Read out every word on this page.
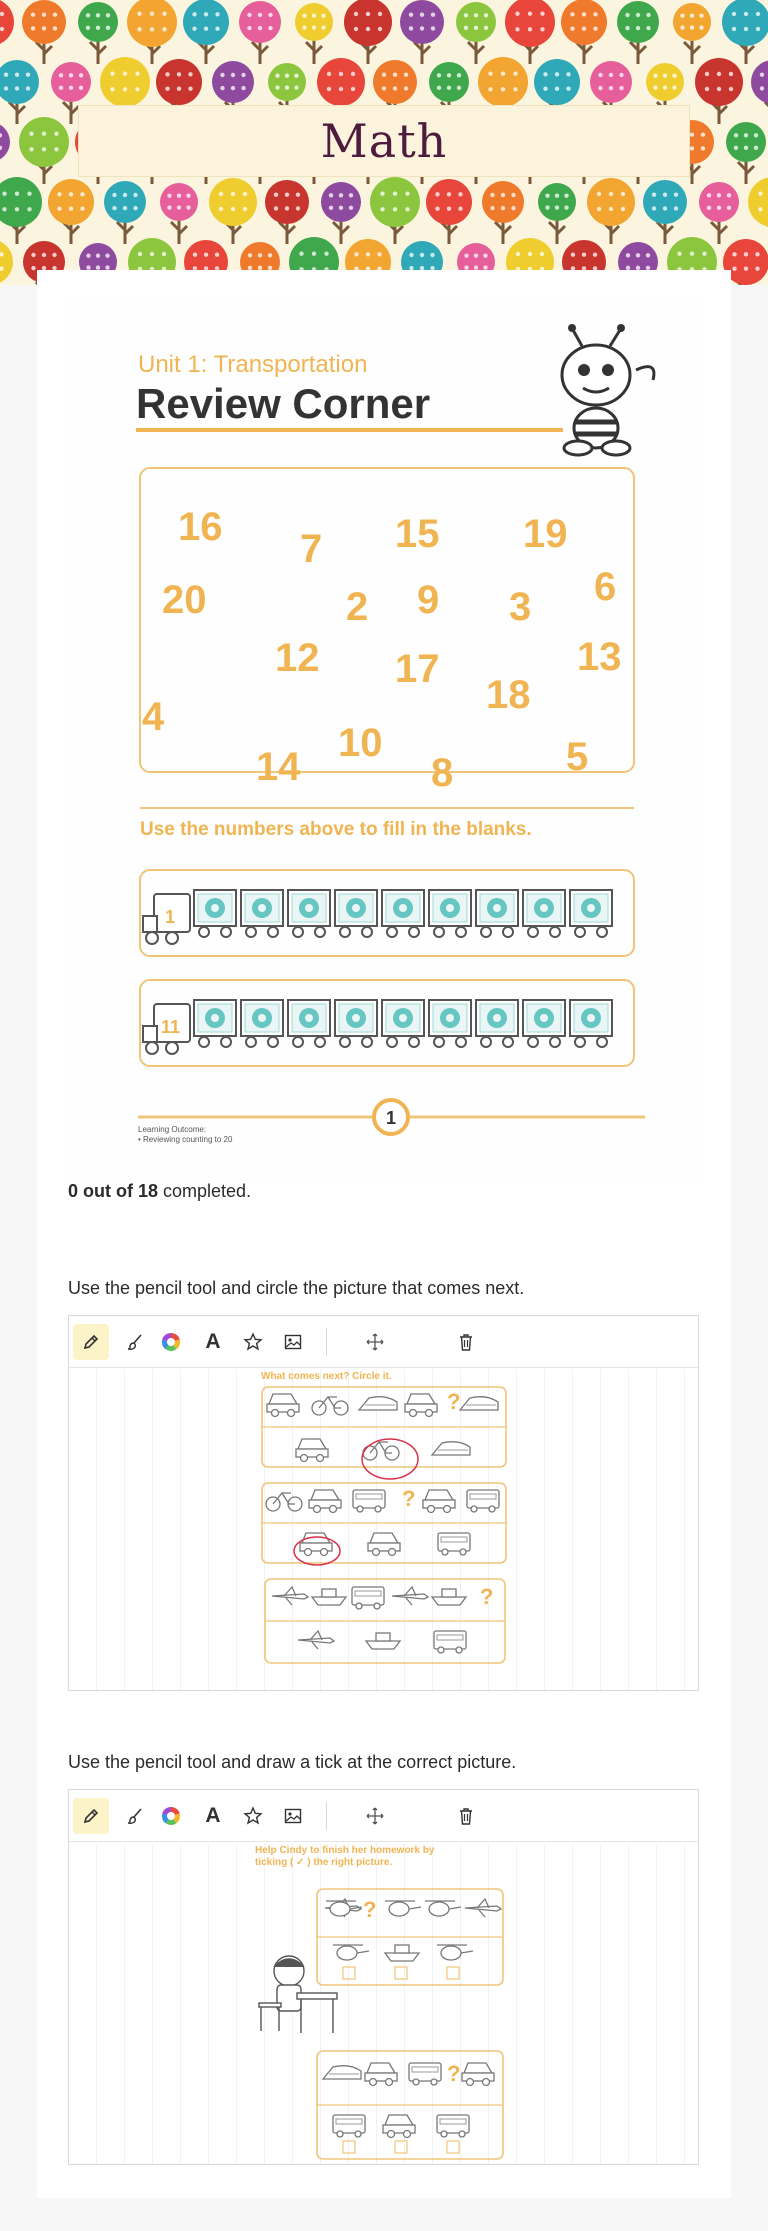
Math
Unit 1: Transportation
Review Corner
16 7 15 19
20	2 9 3 6
12 17	13
4	18
10
14	8	5
Use the numbers above to fill in the blanks.
1
11
1
Learning Outcome:
• Reviewing counting to 20
0 out of 18 completed.
Use the pencil tool and circle the picture that comes next.
A
What comes next? Circle it.
?
?
?
Use the pencil tool and draw a tick at the correct picture.
A
Help Cindy to finish her homework by
ticking ( ✓ ) the right picture.
?
?
